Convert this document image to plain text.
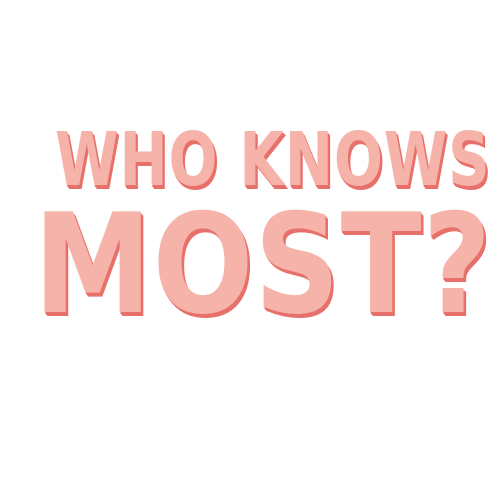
WHO KNOWS
MOST?
